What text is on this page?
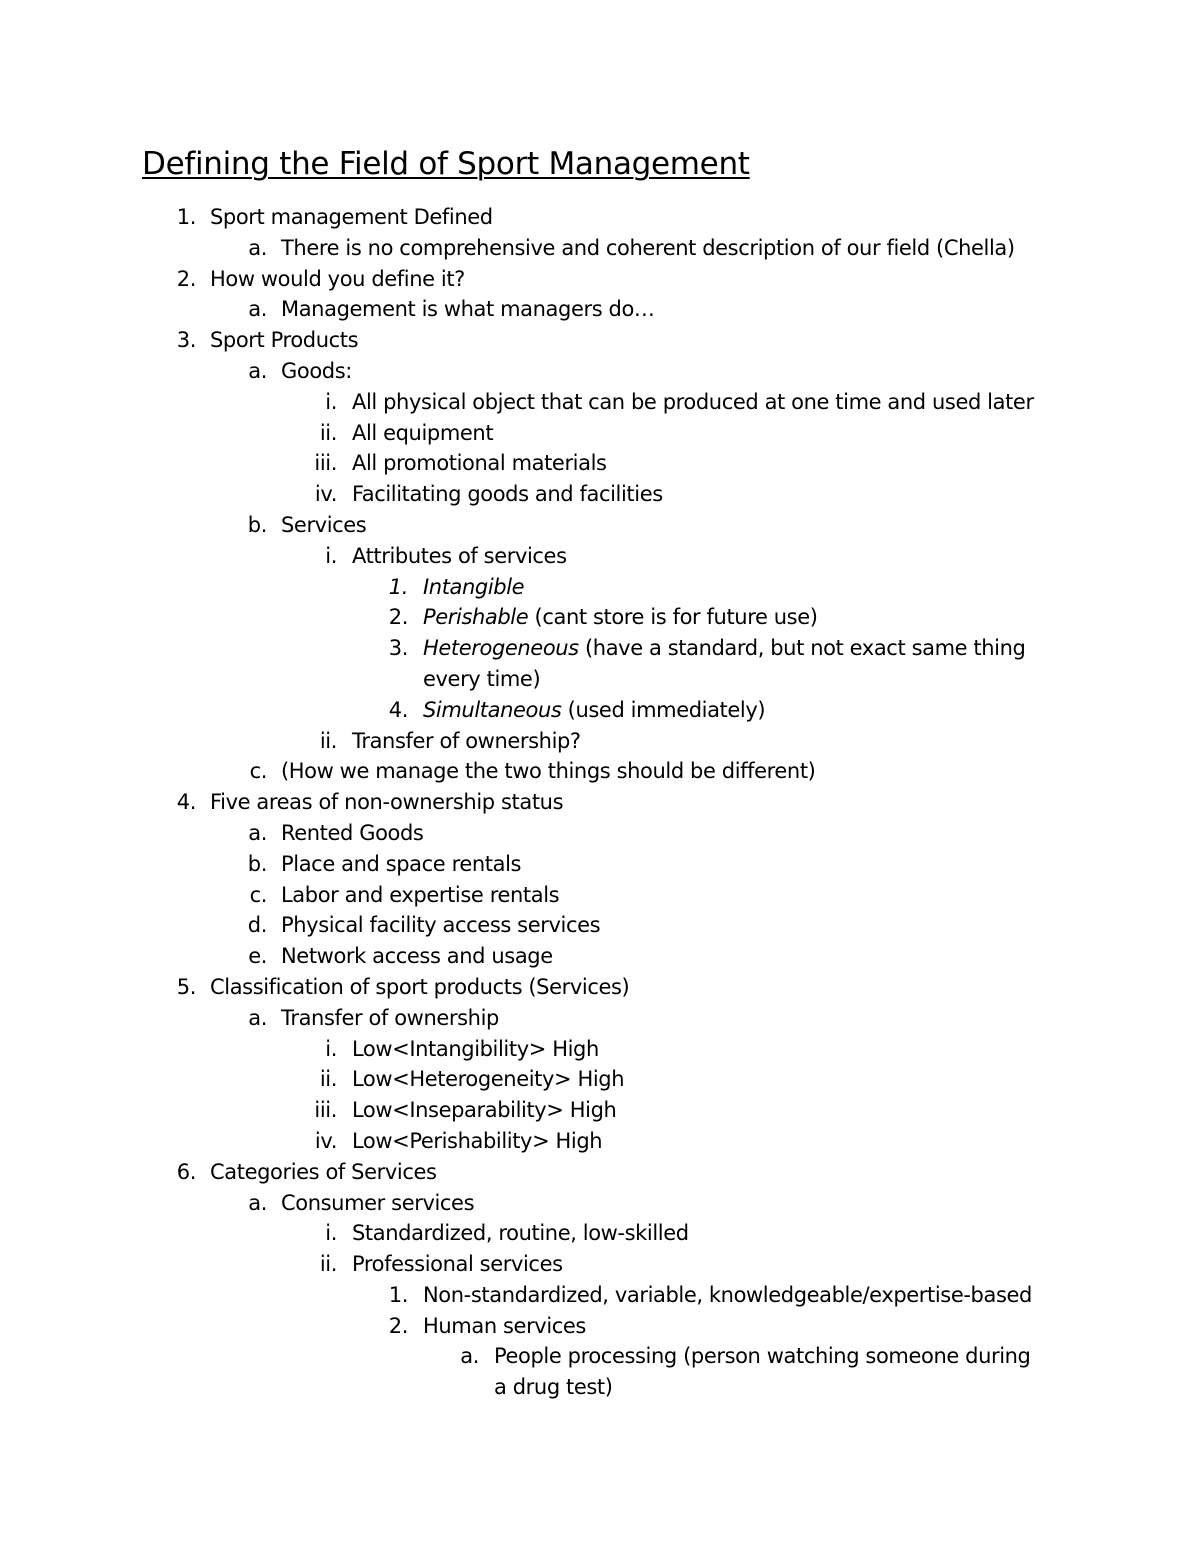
Defining the Field of Sport Management
1. Sport management Defined
a. There is no comprehensive and coherent description of our field (Chella)
2. How would you define it?
a. Management is what managers do…
3. Sport Products
a. Goods:
i. All physical object that can be produced at one time and used later
ii. All equipment
iii. All promotional materials
iv. Facilitating goods and facilities
b. Services
i. Attributes of services
1. Intangible
2. Perishable (cant store is for future use)
3. Heterogeneous (have a standard, but not exact same thing
every time)
4. Simultaneous (used immediately)
ii. Transfer of ownership?
c. (How we manage the two things should be different)
4. Five areas of non-ownership status
a. Rented Goods
b. Place and space rentals
c. Labor and expertise rentals
d. Physical facility access services
e. Network access and usage
5. Classification of sport products (Services)
a. Transfer of ownership
i. Low<Intangibility> High
ii. Low<Heterogeneity> High
iii. Low<Inseparability> High
iv. Low<Perishability> High
6. Categories of Services
a. Consumer services
i. Standardized, routine, low-skilled
ii. Professional services
1. Non-standardized, variable, knowledgeable/expertise-based
2. Human services
a. People processing (person watching someone during
a drug test)
